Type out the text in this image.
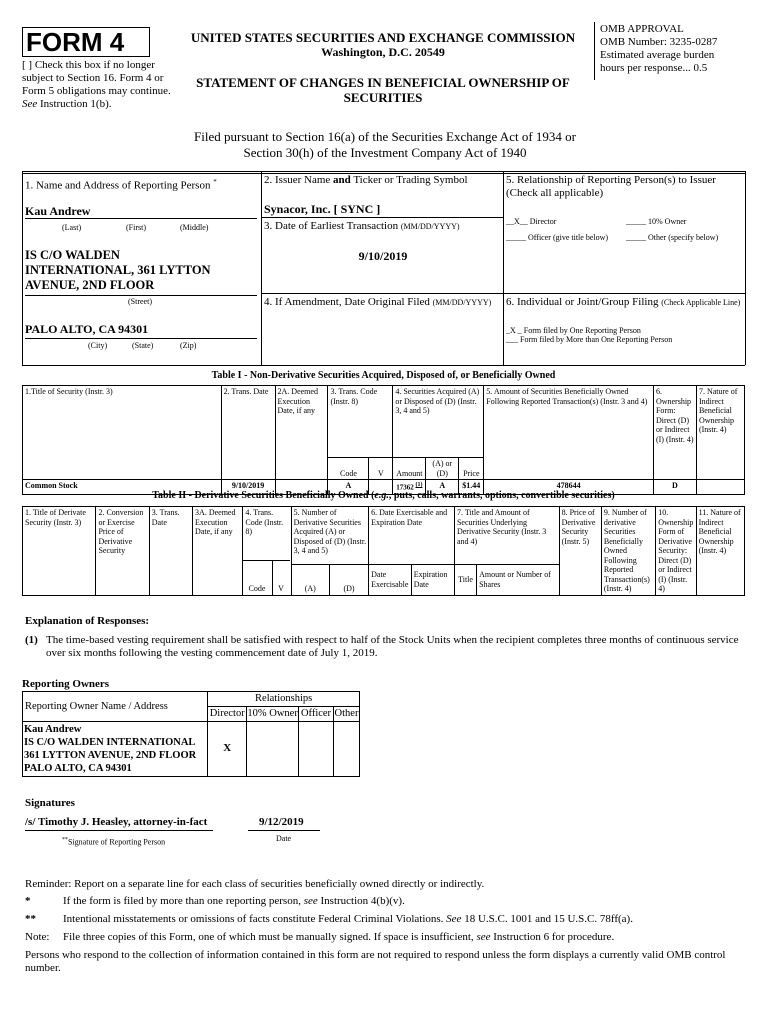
FORM 4
[ ] Check this box if no longer subject to Section 16. Form 4 or Form 5 obligations may continue. See Instruction 1(b).
UNITED STATES SECURITIES AND EXCHANGE COMMISSION
Washington, D.C. 20549
STATEMENT OF CHANGES IN BENEFICIAL OWNERSHIP OF SECURITIES
OMB APPROVAL
OMB Number: 3235-0287
Estimated average burden
hours per response... 0.5
Filed pursuant to Section 16(a) of the Securities Exchange Act of 1934 or
Section 30(h) of the Investment Company Act of 1940
1. Name and Address of Reporting Person *
Kau Andrew
(Last)	(First)	(Middle)
IS C/O WALDEN
INTERNATIONAL, 361 LYTTON
AVENUE, 2ND FLOOR
(Street)
PALO ALTO, CA 94301
(City)	(State)	(Zip)
2. Issuer Name and Ticker or Trading Symbol
Synacor, Inc. [ SYNC ]
3. Date of Earliest Transaction (MM/DD/YYYY)
9/10/2019
4. If Amendment, Date Original Filed (MM/DD/YYYY)
5. Relationship of Reporting Person(s) to Issuer
(Check all applicable)
__X__ Director	_____ 10% Owner
_____ Officer (give title below) _____ Other (specify below)
6. Individual or Joint/Group Filing (Check Applicable Line)
_X _ Form filed by One Reporting Person
___ Form filed by More than One Reporting Person
Table I - Non-Derivative Securities Acquired, Disposed of, or Beneficially Owned
1.Title of Security (Instr. 3)	2. Trans. Date	2A. Deemed Execution Date, if any	3. Trans. Code (Instr. 8)		4. Securities Acquired (A) or Disposed of (D) (Instr. 3, 4 and 5)			5. Amount of Securities Beneficially Owned Following Reported Transaction(s) (Instr. 3 and 4)	6. Ownership Form: Direct (D) or Indirect (I) (Instr. 4)	7. Nature of Indirect Beneficial Ownership (Instr. 4)
			Code	V	Amount	(A) or (D)	Price			
Common Stock	9/10/2019		A		17362 $^{(1)}$	A	$1.44	478644	D	
Table II - Derivative Securities Beneficially Owned (e.g., puts, calls, warrants, options, convertible securities)
1. Title of Derivate Security (Instr. 3)	2. Conversion or Exercise Price of Derivative Security	3. Trans. Date	3A. Deemed Execution Date, if any	4. Trans. Code (Instr. 8)	5. Number of Derivative Securities Acquired (A) or Disposed of (D) (Instr. 3, 4 and 5)		6. Date Exercisable and Expiration Date		7. Title and Amount of Securities Underlying Derivative Security (Instr. 3 and 4)		8. Price of Derivative Security (Instr. 5)	9. Number of derivative Securities Beneficially Owned Following Reported Transaction(s) (Instr. 4)	10. Ownership Form of Derivative Security: Direct (D) or Indirect (I) (Instr. 4)	11. Nature of Indirect Beneficial Ownership (Instr. 4)
					(A)	(D)	Date Exercisable	Expiration Date	Title	Amount or Number of Shares				
Code	V
Explanation of Responses:
(1) The time-based vesting requirement shall be satisfied with respect to half of the Stock Units when the recipient completes three months of continuous service over six months following the vesting commencement date of July 1, 2019.
Reporting Owners
Reporting Owner Name / Address	Relationships			
	Director	10% Owner	Officer	Other

Kau Andrew
IS C/O WALDEN INTERNATIONAL
361 LYTTON AVENUE, 2ND FLOOR
PALO ALTO, CA 94301	X			
Signatures
/s/ Timothy J. Heasley, attorney-in-fact
**Signature of Reporting Person
9/12/2019
Date
Reminder: Report on a separate line for each class of securities beneficially owned directly or indirectly.
*	If the form is filed by more than one reporting person, see Instruction 4(b)(v).
** Intentional misstatements or omissions of facts constitute Federal Criminal Violations. See 18 U.S.C. 1001 and 15 U.S.C. 78ff(a).
Note: File three copies of this Form, one of which must be manually signed. If space is insufficient, see Instruction 6 for procedure.
Persons who respond to the collection of information contained in this form are not required to respond unless the form displays a currently valid OMB control number.
